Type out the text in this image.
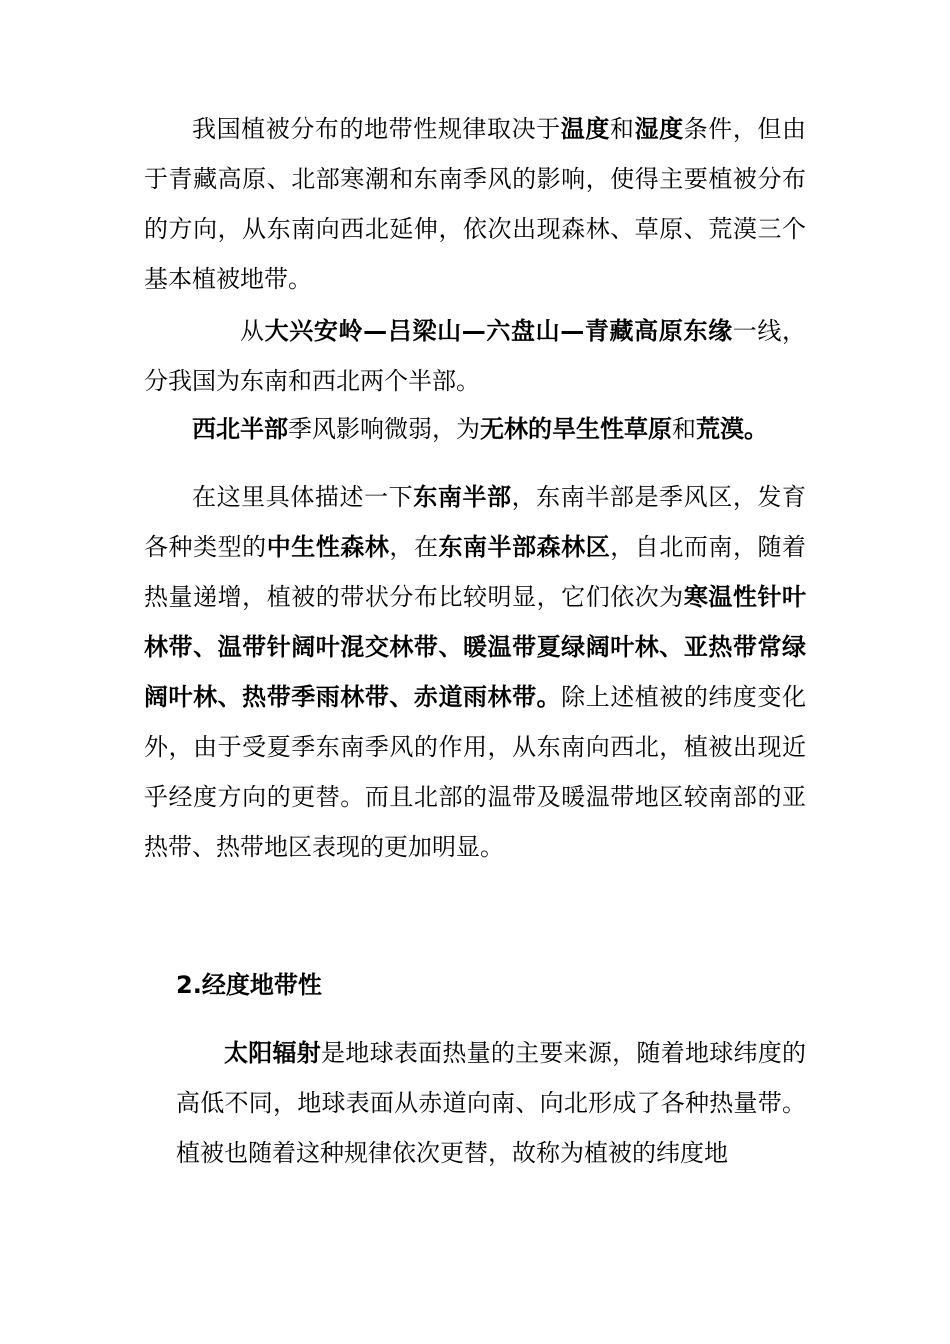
我国植被分布的地带性规律取决于温度和湿度条件，但由于青藏高原、北部寒潮和东南季风的影响，使得主要植被分布的方向，从东南向西北延伸，依次出现森林、草原、荒漠三个基本植被地带。

从大兴安岭—吕梁山—六盘山—青藏高原东缘一线，分我国为东南和西北两个半部。

西北半部季风影响微弱，为无林的旱生性草原和荒漠。

在这里具体描述一下东南半部，东南半部是季风区，发育各种类型的中生性森林，在东南半部森林区，自北而南，随着热量递增，植被的带状分布比较明显，它们依次为寒温性针叶林带、温带针阔叶混交林带、暖温带夏绿阔叶林、亚热带常绿阔叶林、热带季雨林带、赤道雨林带。除上述植被的纬度变化外，由于受夏季东南季风的作用，从东南向西北，植被出现近乎经度方向的更替。而且北部的温带及暖温带地区较南部的亚热带、热带地区表现的更加明显。

2.经度地带性

太阳辐射是地球表面热量的主要来源，随着地球纬度的高低不同，地球表面从赤道向南、向北形成了各种热量带。植被也随着这种规律依次更替，故称为植被的纬度地
